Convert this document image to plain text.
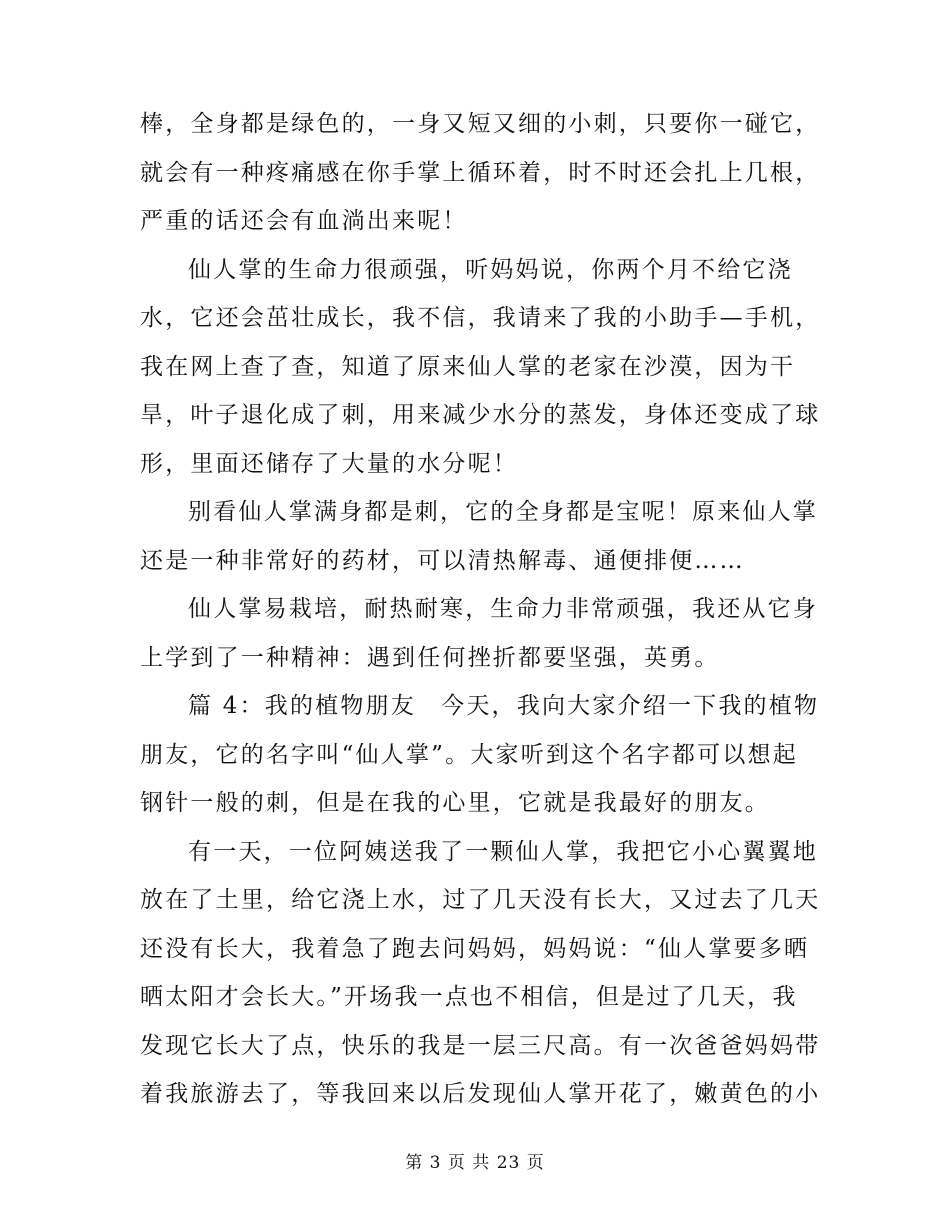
棒，全身都是绿色的，一身又短又细的小刺，只要你一碰它，
就会有一种疼痛感在你手掌上循环着，时不时还会扎上几根，
严重的话还会有血淌出来呢！
仙人掌的生命力很顽强，听妈妈说，你两个月不给它浇
水，它还会茁壮成长，我不信，我请来了我的小助手—手机，
我在网上查了查，知道了原来仙人掌的老家在沙漠，因为干
旱，叶子退化成了刺，用来减少水分的蒸发，身体还变成了球
形，里面还储存了大量的水分呢！
别看仙人掌满身都是刺，它的全身都是宝呢！原来仙人掌
还是一种非常好的药材，可以清热解毒、通便排便……
仙人掌易栽培，耐热耐寒，生命力非常顽强，我还从它身
上学到了一种精神：遇到任何挫折都要坚强，英勇。
篇 4：我的植物朋友　今天，我向大家介绍一下我的植物
朋友，它的名字叫“仙人掌”。大家听到这个名字都可以想起
钢针一般的刺，但是在我的心里，它就是我最好的朋友。
有一天，一位阿姨送我了一颗仙人掌，我把它小心翼翼地
放在了土里，给它浇上水，过了几天没有长大，又过去了几天
还没有长大，我着急了跑去问妈妈，妈妈说：“仙人掌要多晒
晒太阳才会长大。”开场我一点也不相信，但是过了几天，我
发现它长大了点，快乐的我是一层三尺高。有一次爸爸妈妈带
着我旅游去了，等我回来以后发现仙人掌开花了，嫩黄色的小
第 3 页 共 23 页
